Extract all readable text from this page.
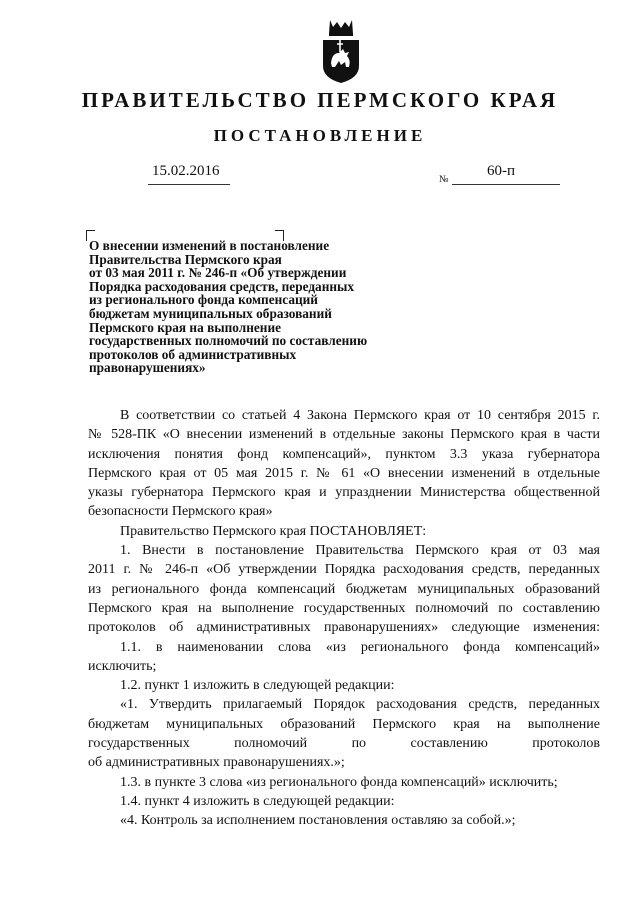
ПРАВИТЕЛЬСТВО ПЕРМСКОГО КРАЯ
ПОСТАНОВЛЕНИЕ
15.02.2016
№
60-п
О внесении изменений в постановление
Правительства Пермского края
от 03 мая 2011 г. № 246-п «Об утверждении
Порядка расходования средств, переданных
из регионального фонда компенсаций
бюджетам муниципальных образований
Пермского края на выполнение
государственных полномочий по составлению
протоколов об административных
правонарушениях»
В соответствии со статьей 4 Закона Пермского края от 10 сентября 2015 г.
№ 528-ПК «О внесении изменений в отдельные законы Пермского края в части
исключения понятия фонд компенсаций», пунктом 3.3 указа губернатора
Пермского края от 05 мая 2015 г. № 61 «О внесении изменений в отдельные
указы губернатора Пермского края и упразднении Министерства общественной
безопасности Пермского края»
Правительство Пермского края ПОСТАНОВЛЯЕТ:
1. Внести в постановление Правительства Пермского края от 03 мая
2011 г. № 246-п «Об утверждении Порядка расходования средств, переданных
из регионального фонда компенсаций бюджетам муниципальных образований
Пермского края на выполнение государственных полномочий по составлению
протоколов об административных правонарушениях» следующие изменения:
1.1. в наименовании слова «из регионального фонда компенсаций»
исключить;
1.2. пункт 1 изложить в следующей редакции:
«1. Утвердить прилагаемый Порядок расходования средств, переданных
бюджетам муниципальных образований Пермского края на выполнение
государственных полномочий по составлению протоколов
об административных правонарушениях.»;
1.3. в пункте 3 слова «из регионального фонда компенсаций» исключить;
1.4. пункт 4 изложить в следующей редакции:
«4. Контроль за исполнением постановления оставляю за собой.»;
